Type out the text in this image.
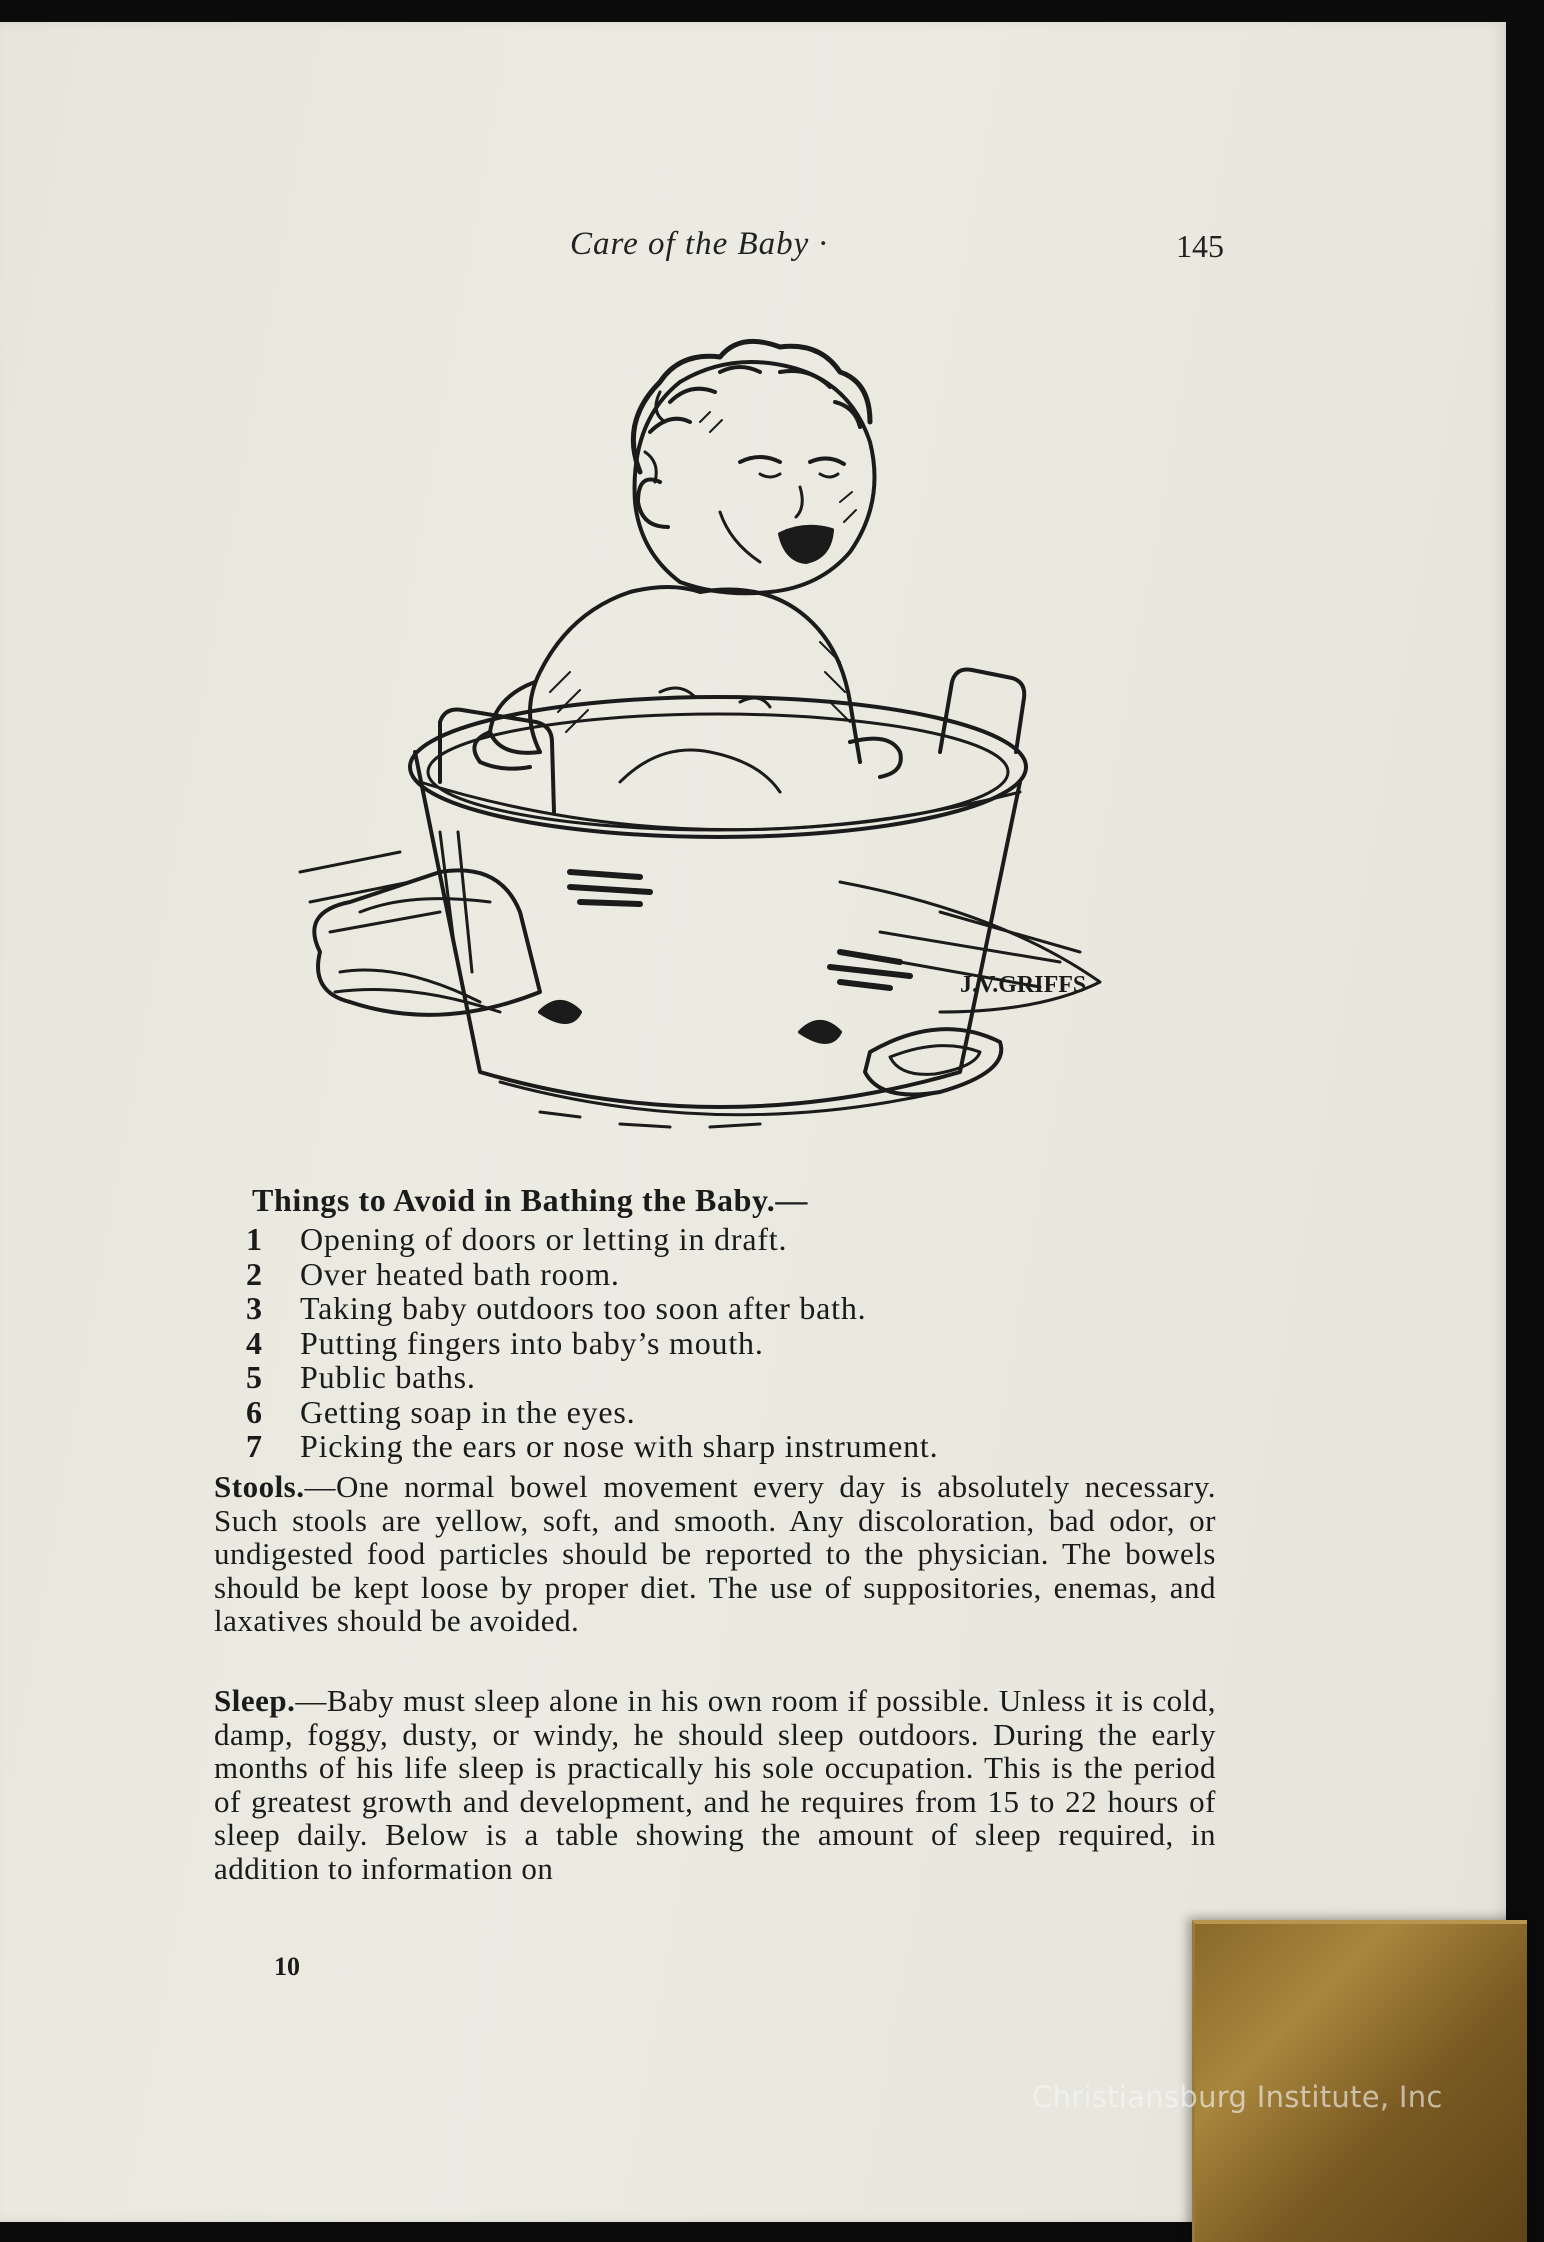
Care of the Baby ·	145
J.V.GRIFFS
Things to Avoid in Bathing the Baby.—
1 Opening of doors or letting in draft.
2 Over heated bath room.
3 Taking baby outdoors too soon after bath.
4 Putting fingers into baby’s mouth.
5 Public baths.
6 Getting soap in the eyes.
7 Picking the ears or nose with sharp instrument.

Stools.—One normal bowel movement every day is absolutely necessary. Such stools are yellow, soft, and smooth. Any discoloration, bad odor, or undigested food particles should be reported to the physician. The bowels should be kept loose by proper diet. The use of suppositories, enemas, and laxatives should be avoided.

Sleep.—Baby must sleep alone in his own room if possible. Unless it is cold, damp, foggy, dusty, or windy, he should sleep outdoors. During the early months of his life sleep is practically his sole occupation. This is the period of greatest growth and development, and he requires from 15 to 22 hours of sleep daily. Below is a table showing the amount of sleep required, in addition to information on

10
Christiansburg Institute, Inc
